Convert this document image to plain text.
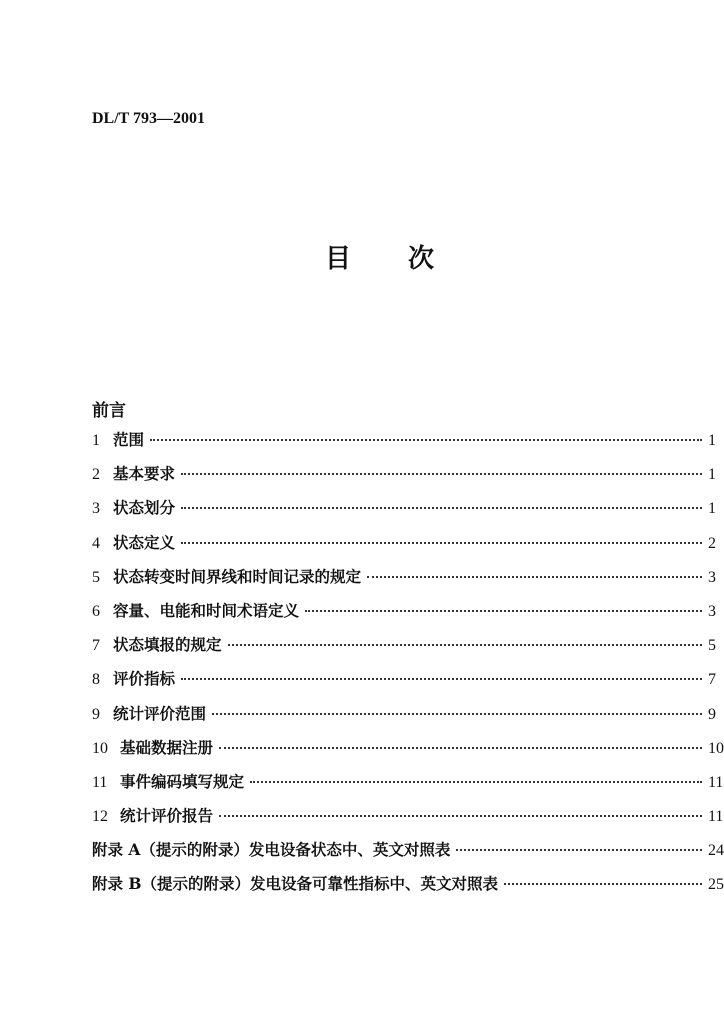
DL/T 793—2001
目 次
前言
1 范围	1
2 基本要求	1
3 状态划分	1
4 状态定义	2
5 状态转变时间界线和时间记录的规定	3
6 容量、电能和时间术语定义	3
7 状态填报的规定	5
8 评价指标	7
9 统计评价范围	9
10 基础数据注册	10
11 事件编码填写规定	11
12 统计评价报告	11
附录 A（提示的附录）发电设备状态中、英文对照表	24
附录 B（提示的附录）发电设备可靠性指标中、英文对照表	25
